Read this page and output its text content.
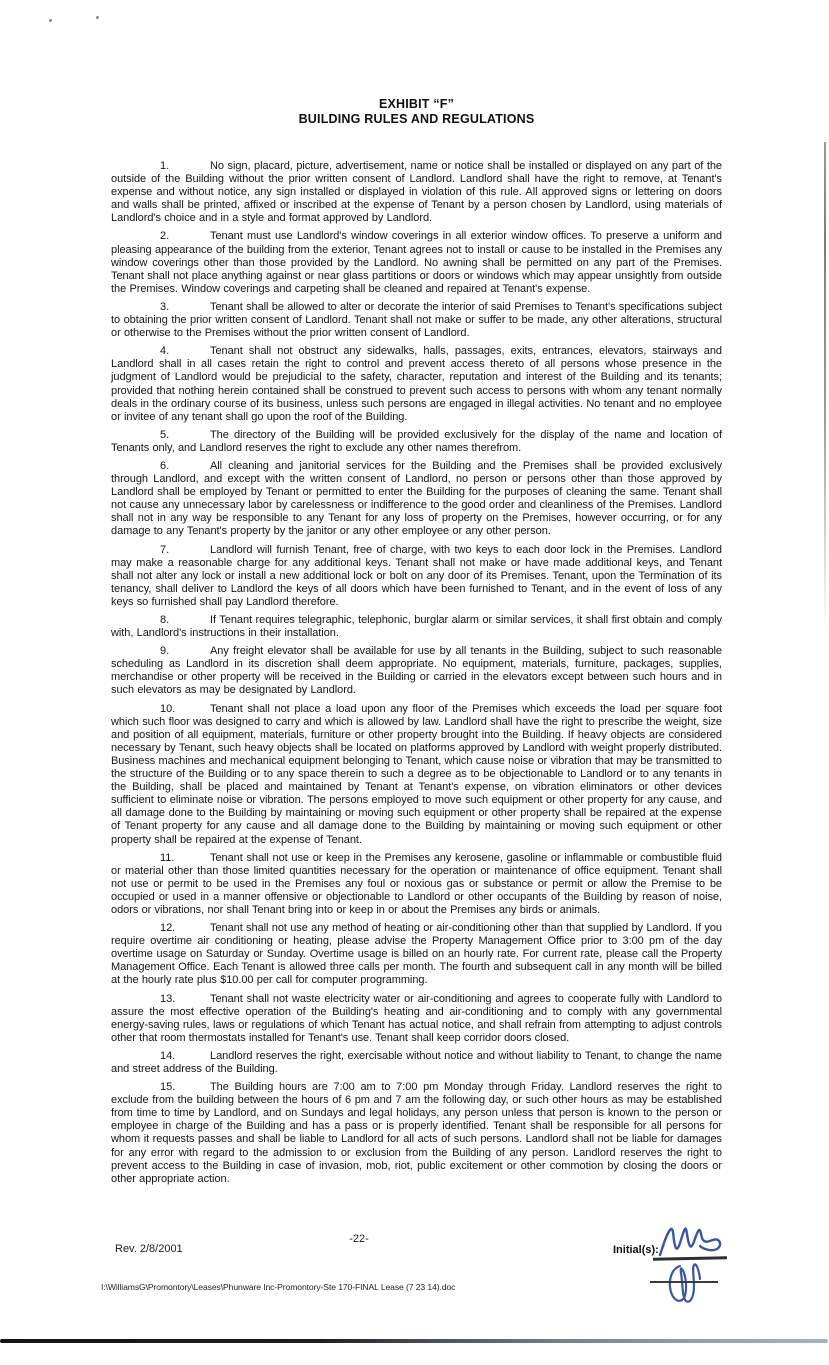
EXHIBIT “F”
BUILDING RULES AND REGULATIONS

1.	No sign, placard, picture, advertisement, name or notice shall be installed or displayed on any part of the outside of the Building without the prior written consent of Landlord. Landlord shall have the right to remove, at Tenant's expense and without notice, any sign installed or displayed in violation of this rule. All approved signs or lettering on doors and walls shall be printed, affixed or inscribed at the expense of Tenant by a person chosen by Landlord, using materials of Landlord's choice and in a style and format approved by Landlord.

2.	Tenant must use Landlord's window coverings in all exterior window offices. To preserve a uniform and pleasing appearance of the building from the exterior, Tenant agrees not to install or cause to be installed in the Premises any window coverings other than those provided by the Landlord. No awning shall be permitted on any part of the Premises. Tenant shall not place anything against or near glass partitions or doors or windows which may appear unsightly from outside the Premises. Window coverings and carpeting shall be cleaned and repaired at Tenant's expense.

3.	Tenant shall be allowed to alter or decorate the interior of said Premises to Tenant's specifications subject to obtaining the prior written consent of Landlord. Tenant shall not make or suffer to be made, any other alterations, structural or otherwise to the Premises without the prior written consent of Landlord.

4.	Tenant shall not obstruct any sidewalks, halls, passages, exits, entrances, elevators, stairways and Landlord shall in all cases retain the right to control and prevent access thereto of all persons whose presence in the judgment of Landlord would be prejudicial to the safety, character, reputation and interest of the Building and its tenants; provided that nothing herein contained shall be construed to prevent such access to persons with whom any tenant normally deals in the ordinary course of its business, unless such persons are engaged in illegal activities. No tenant and no employee or invitee of any tenant shall go upon the roof of the Building.

5.	The directory of the Building will be provided exclusively for the display of the name and location of Tenants only, and Landlord reserves the right to exclude any other names therefrom.

6.	All cleaning and janitorial services for the Building and the Premises shall be provided exclusively through Landlord, and except with the written consent of Landlord, no person or persons other than those approved by Landlord shall be employed by Tenant or permitted to enter the Building for the purposes of cleaning the same. Tenant shall not cause any unnecessary labor by carelessness or indifference to the good order and cleanliness of the Premises. Landlord shall not in any way be responsible to any Tenant for any loss of property on the Premises, however occurring, or for any damage to any Tenant's property by the janitor or any other employee or any other person.

7.	Landlord will furnish Tenant, free of charge, with two keys to each door lock in the Premises. Landlord may make a reasonable charge for any additional keys. Tenant shall not make or have made additional keys, and Tenant shall not alter any lock or install a new additional lock or bolt on any door of its Premises. Tenant, upon the Termination of its tenancy, shall deliver to Landlord the keys of all doors which have been furnished to Tenant, and in the event of loss of any keys so furnished shall pay Landlord therefore.

8.	If Tenant requires telegraphic, telephonic, burglar alarm or similar services, it shall first obtain and comply with, Landlord's instructions in their installation.

9.	Any freight elevator shall be available for use by all tenants in the Building, subject to such reasonable scheduling as Landlord in its discretion shall deem appropriate. No equipment, materials, furniture, packages, supplies, merchandise or other property will be received in the Building or carried in the elevators except between such hours and in such elevators as may be designated by Landlord.

10.	Tenant shall not place a load upon any floor of the Premises which exceeds the load per square foot which such floor was designed to carry and which is allowed by law. Landlord shall have the right to prescribe the weight, size and position of all equipment, materials, furniture or other property brought into the Building. If heavy objects are considered necessary by Tenant, such heavy objects shall be located on platforms approved by Landlord with weight properly distributed. Business machines and mechanical equipment belonging to Tenant, which cause noise or vibration that may be transmitted to the structure of the Building or to any space therein to such a degree as to be objectionable to Landlord or to any tenants in the Building, shall be placed and maintained by Tenant at Tenant's expense, on vibration eliminators or other devices sufficient to eliminate noise or vibration. The persons employed to move such equipment or other property for any cause, and all damage done to the Building by maintaining or moving such equipment or other property shall be repaired at the expense of Tenant property for any cause and all damage done to the Building by maintaining or moving such equipment or other property shall be repaired at the expense of Tenant.

11.	Tenant shall not use or keep in the Premises any kerosene, gasoline or inflammable or combustible fluid or material other than those limited quantities necessary for the operation or maintenance of office equipment. Tenant shall not use or permit to be used in the Premises any foul or noxious gas or substance or permit or allow the Premise to be occupied or used in a manner offensive or objectionable to Landlord or other occupants of the Building by reason of noise, odors or vibrations, nor shall Tenant bring into or keep in or about the Premises any birds or animals.

12.	Tenant shall not use any method of heating or air-conditioning other than that supplied by Landlord. If you require overtime air conditioning or heating, please advise the Property Management Office prior to 3:00 pm of the day overtime usage on Saturday or Sunday. Overtime usage is billed on an hourly rate. For current rate, please call the Property Management Office. Each Tenant is allowed three calls per month. The fourth and subsequent call in any month will be billed at the hourly rate plus $10.00 per call for computer programming.

13.	Tenant shall not waste electricity water or air-conditioning and agrees to cooperate fully with Landlord to assure the most effective operation of the Building's heating and air-conditioning and to comply with any governmental energy-saving rules, laws or regulations of which Tenant has actual notice, and shall refrain from attempting to adjust controls other that room thermostats installed for Tenant's use. Tenant shall keep corridor doors closed.

14.	Landlord reserves the right, exercisable without notice and without liability to Tenant, to change the name and street address of the Building.

15.	The Building hours are 7:00 am to 7:00 pm Monday through Friday. Landlord reserves the right to exclude from the building between the hours of 6 pm and 7 am the following day, or such other hours as may be established from time to time by Landlord, and on Sundays and legal holidays, any person unless that person is known to the person or employee in charge of the Building and has a pass or is properly identified. Tenant shall be responsible for all persons for whom it requests passes and shall be liable to Landlord for all acts of such persons. Landlord shall not be liable for damages for any error with regard to the admission to or exclusion from the Building of any person. Landlord reserves the right to prevent access to the Building in case of invasion, mob, riot, public excitement or other commotion by closing the doors or other appropriate action.

-22-
Rev. 2/8/2001	Initial(s):
I:\WilliamsG\Promontory\Leases\Phunware Inc-Promontory-Ste 170-FINAL Lease (7 23 14).doc
